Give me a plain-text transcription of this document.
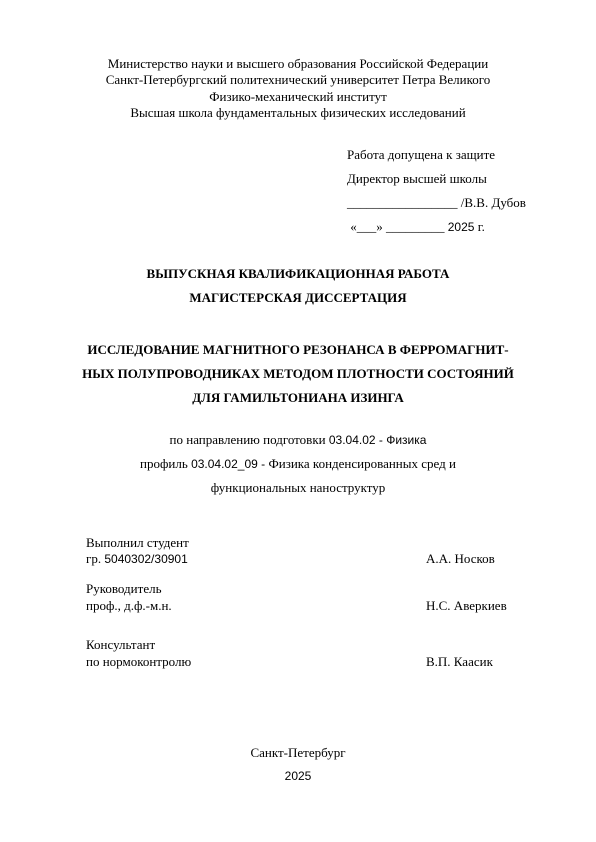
Министерство науки и высшего образования Российской Федерации
Санкт-Петербургский политехнический университет Петра Великого
Физико-механический институт
Высшая школа фундаментальных физических исследований
Работа допущена к защите
Директор высшей школы
_________________ /В.В. Дубов
«___» _________ 2025 г.
ВЫПУСКНАЯ КВАЛИФИКАЦИОННАЯ РАБОТА
МАГИСТЕРСКАЯ ДИССЕРТАЦИЯ
ИССЛЕДОВАНИЕ МАГНИТНОГО РЕЗОНАНСА В ФЕРРОМАГНИТ-
НЫХ ПОЛУПРОВОДНИКАХ МЕТОДОМ ПЛОТНОСТИ СОСТОЯНИЙ
ДЛЯ ГАМИЛЬТОНИАНА ИЗИНГА
по направлению подготовки 03.04.02 - Физика
профиль 03.04.02_09 - Физика конденсированных сред и
функциональных наноструктур
Выполнил студент
гр. 5040302/30901	А.А. Носков
Руководитель
проф., д.ф.-м.н.	Н.С. Аверкиев
Консультант
по нормоконтролю	В.П. Каасик
Санкт-Петербург
2025
